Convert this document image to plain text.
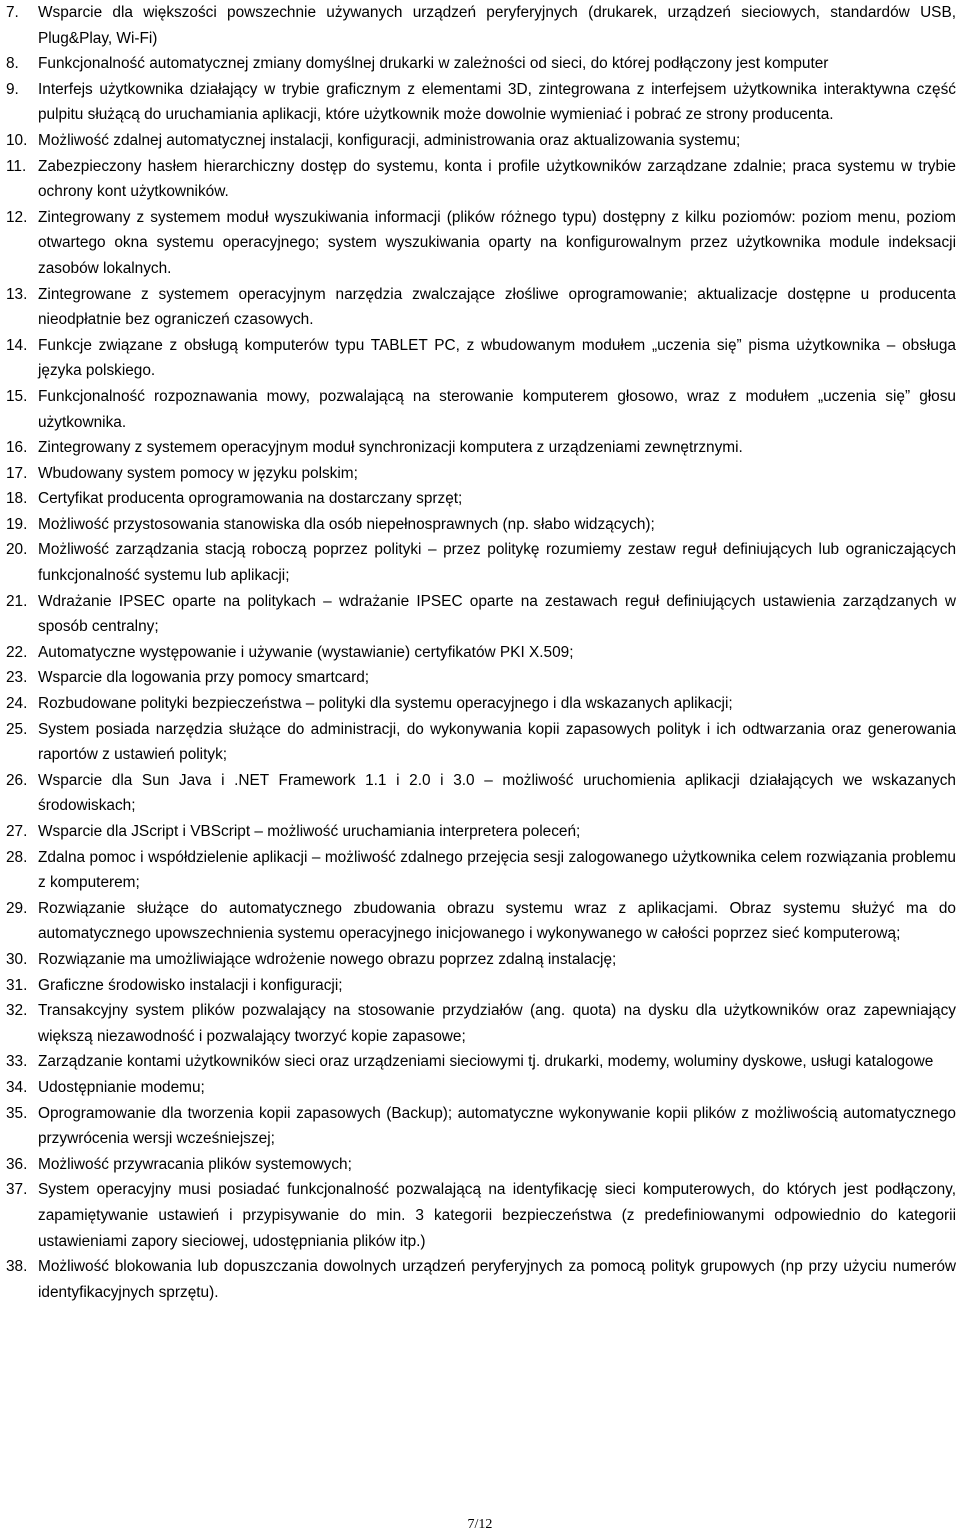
7.	Wsparcie dla większości powszechnie używanych urządzeń peryferyjnych (drukarek, urządzeń sieciowych, standardów USB, Plug&Play, Wi-Fi)
8.	Funkcjonalność automatycznej zmiany domyślnej drukarki w zależności od sieci, do której podłączony jest komputer
9.	Interfejs użytkownika działający w trybie graficznym z elementami 3D, zintegrowana z interfejsem użytkownika interaktywna część pulpitu służącą do uruchamiania aplikacji, które użytkownik może dowolnie wymieniać i pobrać ze strony producenta.
10. Możliwość zdalnej automatycznej instalacji, konfiguracji, administrowania oraz aktualizowania systemu;
11. Zabezpieczony hasłem hierarchiczny dostęp do systemu, konta i profile użytkowników zarządzane zdalnie; praca systemu w trybie ochrony kont użytkowników.
12. Zintegrowany z systemem moduł wyszukiwania informacji (plików różnego typu) dostępny z kilku poziomów: poziom menu, poziom otwartego okna systemu operacyjnego; system wyszukiwania oparty na konfigurowalnym przez użytkownika module indeksacji zasobów lokalnych.
13. Zintegrowane z systemem operacyjnym narzędzia zwalczające złośliwe oprogramowanie; aktualizacje dostępne u producenta nieodpłatnie bez ograniczeń czasowych.
14. Funkcje związane z obsługą komputerów typu TABLET PC, z wbudowanym modułem „uczenia się” pisma użytkownika – obsługa języka polskiego.
15. Funkcjonalność rozpoznawania mowy, pozwalającą na sterowanie komputerem głosowo, wraz z modułem „uczenia się” głosu użytkownika.
16. Zintegrowany z systemem operacyjnym moduł synchronizacji komputera z urządzeniami zewnętrznymi.
17. Wbudowany system pomocy w języku polskim;
18. Certyfikat producenta oprogramowania na dostarczany sprzęt;
19. Możliwość przystosowania stanowiska dla osób niepełnosprawnych (np. słabo widzących);
20. Możliwość zarządzania stacją roboczą poprzez polityki – przez politykę rozumiemy zestaw reguł definiujących lub ograniczających funkcjonalność systemu lub aplikacji;
21. Wdrażanie IPSEC oparte na politykach – wdrażanie IPSEC oparte na zestawach reguł definiujących ustawienia zarządzanych w sposób centralny;
22. Automatyczne występowanie i używanie (wystawianie) certyfikatów PKI X.509;
23. Wsparcie dla logowania przy pomocy smartcard;
24. Rozbudowane polityki bezpieczeństwa – polityki dla systemu operacyjnego i dla wskazanych aplikacji;
25. System posiada narzędzia służące do administracji, do wykonywania kopii zapasowych polityk i ich odtwarzania oraz generowania raportów z ustawień polityk;
26. Wsparcie dla Sun Java i .NET Framework 1.1 i 2.0 i 3.0 – możliwość uruchomienia aplikacji działających we wskazanych środowiskach;
27. Wsparcie dla JScript i VBScript – możliwość uruchamiania interpretera poleceń;
28. Zdalna pomoc i współdzielenie aplikacji – możliwość zdalnego przejęcia sesji zalogowanego użytkownika celem rozwiązania problemu z komputerem;
29. Rozwiązanie służące do automatycznego zbudowania obrazu systemu wraz z aplikacjami. Obraz systemu służyć ma do automatycznego upowszechnienia systemu operacyjnego inicjowanego i wykonywanego w całości poprzez sieć komputerową;
30. Rozwiązanie ma umożliwiające wdrożenie nowego obrazu poprzez zdalną instalację;
31. Graficzne środowisko instalacji i konfiguracji;
32. Transakcyjny system plików pozwalający na stosowanie przydziałów (ang. quota) na dysku dla użytkowników oraz zapewniający większą niezawodność i pozwalający tworzyć kopie zapasowe;
33. Zarządzanie kontami użytkowników sieci oraz urządzeniami sieciowymi tj. drukarki, modemy, woluminy dyskowe, usługi katalogowe
34. Udostępnianie modemu;
35. Oprogramowanie dla tworzenia kopii zapasowych (Backup); automatyczne wykonywanie kopii plików z możliwością automatycznego przywrócenia wersji wcześniejszej;
36. Możliwość przywracania plików systemowych;
37. System operacyjny musi posiadać funkcjonalność pozwalającą na identyfikację sieci komputerowych, do których jest podłączony, zapamiętywanie ustawień i przypisywanie do min. 3 kategorii bezpieczeństwa (z predefiniowanymi odpowiednio do kategorii ustawieniami zapory sieciowej, udostępniania plików itp.)
38. Możliwość blokowania lub dopuszczania dowolnych urządzeń peryferyjnych za pomocą polityk grupowych (np przy użyciu numerów identyfikacyjnych sprzętu).
7/12
